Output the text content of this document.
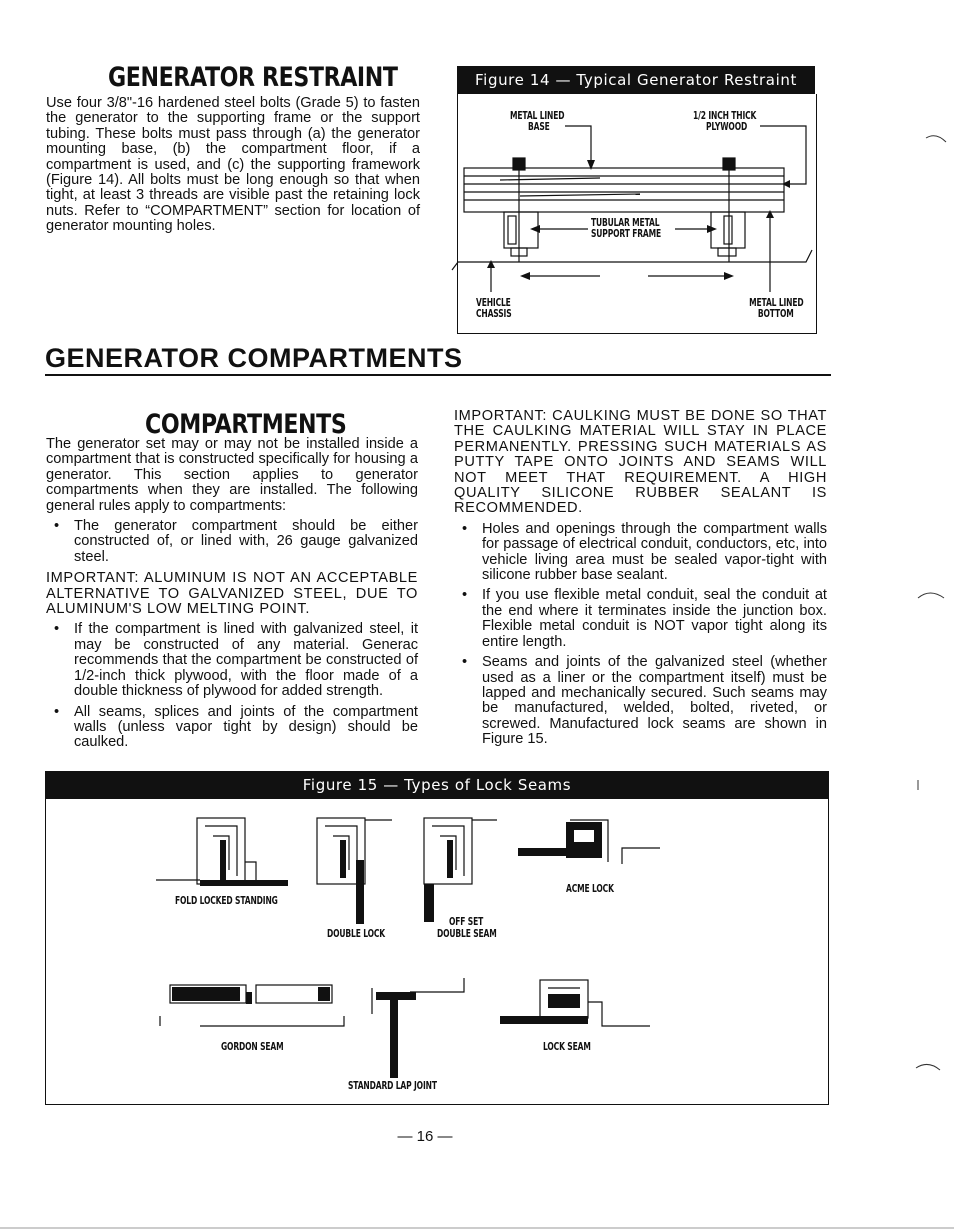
GENERATOR RESTRAINT
Use four 3/8"-16 hardened steel bolts (Grade 5) to fasten the generator to the supporting frame or the support tubing. These bolts must pass through (a) the generator mounting base, (b) the compartment floor, if a compartment is used, and (c) the supporting framework (Figure 14). All bolts must be long enough so that when tight, at least 3 threads are visible past the retaining lock nuts. Refer to “COMPARTMENT” section for location of generator mounting holes.
Figure 14 — Typical Generator Restraint
METAL LINED
BASE
1/2 INCH THICK
PLYWOOD
TUBULAR METAL
SUPPORT FRAME
VEHICLE
CHASSIS
METAL LINED
BOTTOM
GENERATOR COMPARTMENTS
COMPARTMENTS
The generator set may or may not be installed inside a compartment that is constructed specifically for housing a generator. This section applies to generator compartments when they are installed. The following general rules apply to compartments:
• The generator compartment should be either constructed of, or lined with, 26 gauge galvanized steel.
IMPORTANT: ALUMINUM IS NOT AN ACCEPTABLE ALTERNATIVE TO GALVANIZED STEEL, DUE TO ALUMINUM'S LOW MELTING POINT.
• If the compartment is lined with galvanized steel, it may be constructed of any material. Generac recommends that the compartment be constructed of 1/2-inch thick plywood, with the floor made of a double thickness of plywood for added strength.
• All seams, splices and joints of the compartment walls (unless vapor tight by design) should be caulked.
IMPORTANT: CAULKING MUST BE DONE SO THAT THE CAULKING MATERIAL WILL STAY IN PLACE PERMANENTLY. PRESSING SUCH MATERIALS AS PUTTY TAPE ONTO JOINTS AND SEAMS WILL NOT MEET THAT REQUIREMENT. A HIGH QUALITY SILICONE RUBBER SEALANT IS RECOMMENDED.
• Holes and openings through the compartment walls for passage of electrical conduit, conductors, etc, into vehicle living area must be sealed vapor-tight with silicone rubber base sealant.
• If you use flexible metal conduit, seal the conduit at the end where it terminates inside the junction box. Flexible metal conduit is NOT vapor tight along its entire length.
• Seams and joints of the galvanized steel (whether used as a liner or the compartment itself) must be lapped and mechanically secured. Such seams may be manufactured, welded, bolted, riveted, or screwed. Manufactured lock seams are shown in Figure 15.
Figure 15 — Types of Lock Seams
FOLD LOCKED STANDING
DOUBLE LOCK
OFF SET
DOUBLE SEAM
ACME LOCK
GORDON SEAM
STANDARD LAP JOINT
LOCK SEAM
— 16 —
